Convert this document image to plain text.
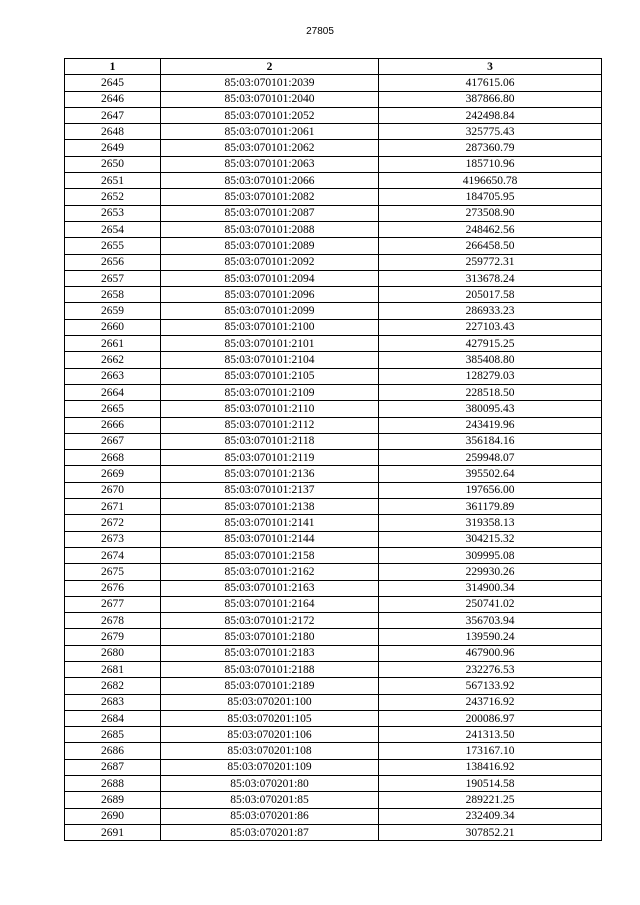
27805
1	2	3
2645	85:03:070101:2039	417615.06
2646	85:03:070101:2040	387866.80
2647	85:03:070101:2052	242498.84
2648	85:03:070101:2061	325775.43
2649	85:03:070101:2062	287360.79
2650	85:03:070101:2063	185710.96
2651	85:03:070101:2066	4196650.78
2652	85:03:070101:2082	184705.95
2653	85:03:070101:2087	273508.90
2654	85:03:070101:2088	248462.56
2655	85:03:070101:2089	266458.50
2656	85:03:070101:2092	259772.31
2657	85:03:070101:2094	313678.24
2658	85:03:070101:2096	205017.58
2659	85:03:070101:2099	286933.23
2660	85:03:070101:2100	227103.43
2661	85:03:070101:2101	427915.25
2662	85:03:070101:2104	385408.80
2663	85:03:070101:2105	128279.03
2664	85:03:070101:2109	228518.50
2665	85:03:070101:2110	380095.43
2666	85:03:070101:2112	243419.96
2667	85:03:070101:2118	356184.16
2668	85:03:070101:2119	259948.07
2669	85:03:070101:2136	395502.64
2670	85:03:070101:2137	197656.00
2671	85:03:070101:2138	361179.89
2672	85:03:070101:2141	319358.13
2673	85:03:070101:2144	304215.32
2674	85:03:070101:2158	309995.08
2675	85:03:070101:2162	229930.26
2676	85:03:070101:2163	314900.34
2677	85:03:070101:2164	250741.02
2678	85:03:070101:2172	356703.94
2679	85:03:070101:2180	139590.24
2680	85:03:070101:2183	467900.96
2681	85:03:070101:2188	232276.53
2682	85:03:070101:2189	567133.92
2683	85:03:070201:100	243716.92
2684	85:03:070201:105	200086.97
2685	85:03:070201:106	241313.50
2686	85:03:070201:108	173167.10
2687	85:03:070201:109	138416.92
2688	85:03:070201:80	190514.58
2689	85:03:070201:85	289221.25
2690	85:03:070201:86	232409.34
2691	85:03:070201:87	307852.21
